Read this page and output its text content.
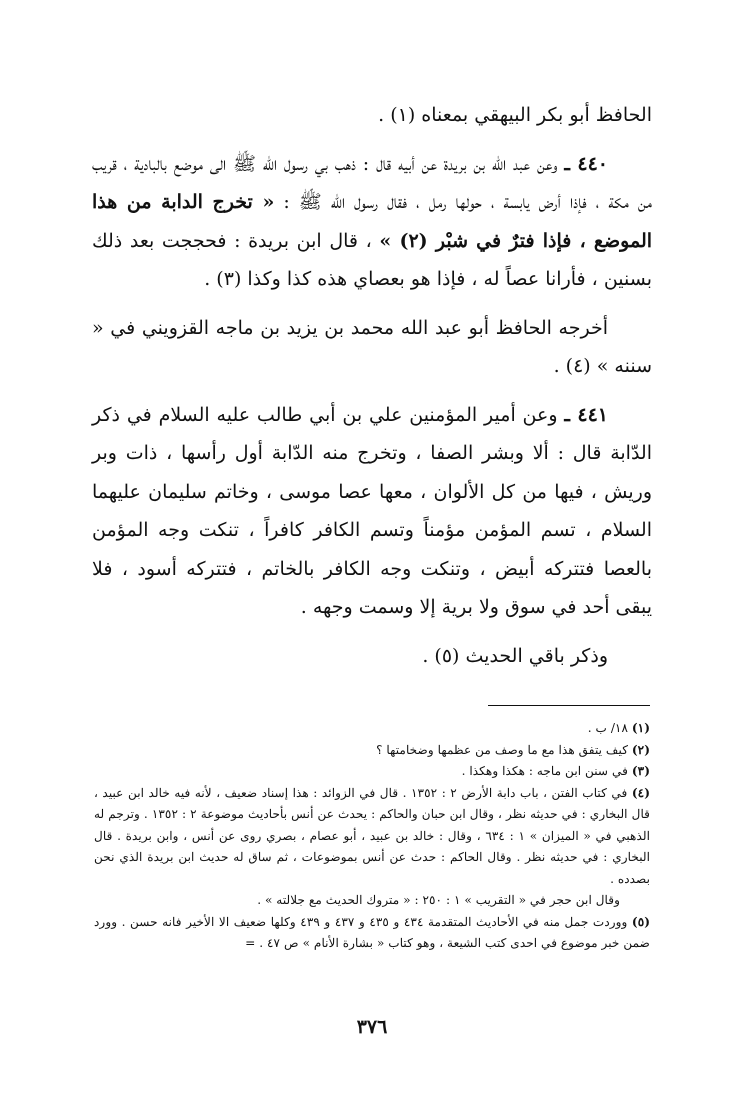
الحافظ أبو بكر البيهقي بمعناه (١) .

٤٤٠ ـ وعن عبد الله بن بريدة عن أبيه قال : ذهب بي رسول الله ﷺ الى موضع بالبادية ، قريب من مكة ، فإذا أرض يابسة ، حولها رمل ، فقال رسول الله ﷺ : « تخرج الدابة من هذا الموضع ، فإذا فترٌ في شبْر (٢) » ، قال ابن بريدة : فحججت بعد ذلك بسنين ، فأرانا عصاً له ، فإذا هو بعصاي هذه كذا وكذا (٣) .

أخرجه الحافظ أبو عبد الله محمد بن يزيد بن ماجه القزويني في « سننه » (٤) .

٤٤١ ـ وعن أمير المؤمنين علي بن أبي طالب عليه السلام في ذكر الدّابة قال : ألا وبشر الصفا ، وتخرج منه الدّابة أول رأسها ، ذات وبر وريش ، فيها من كل الألوان ، معها عصا موسى ، وخاتم سليمان عليهما السلام ، تسم المؤمن مؤمناً وتسم الكافر كافراً ، تنكت وجه المؤمن بالعصا فتتركه أبيض ، وتنكت وجه الكافر بالخاتم ، فتتركه أسود ، فلا يبقى أحد في سوق ولا برية إلا وسمت وجهه .

وذكر باقي الحديث (٥) .

(١) ١٨/ ب .

(٢) كيف يتفق هذا مع ما وصف من عظمها وضخامتها ؟

(٣) في سنن ابن ماجه : هكذا وهكذا .

(٤) في كتاب الفتن ، باب دابة الأرض ٢ : ١٣٥٢ . قال في الزوائد : هذا إسناد ضعيف ، لأنه فيه خالد ابن عبيد ، قال البخاري : في حديثه نظر ، وقال ابن حبان والحاكم : يحدث عن أنس بأحاديث موضوعة ٢ : ١٣٥٢ . وترجم له الذهبي في « الميزان » ١ : ٦٣٤ ، وقال : خالد بن عبيد ، أبو عصام ، بصري روى عن أنس ، وابن بريدة . قال البخاري : في حديثه نظر . وقال الحاكم : حدث عن أنس بموضوعات ، ثم ساق له حديث ابن بريدة الذي نحن بصدده .

وقال ابن حجر في « التقريب » ١ : ٢٥٠ : « متروك الحديث مع جلالته » .

(٥) ووردت جمل منه في الأحاديث المتقدمة ٤٣٤ و ٤٣٥ و ٤٣٧ و ٤٣٩ وكلها ضعيف الا الأخير فانه حسن . وورد ضمن خبر موضوع في احدى كتب الشيعة ، وهو كتاب « بشارة الأنام » ص ٤٧ . =

٣٧٦
